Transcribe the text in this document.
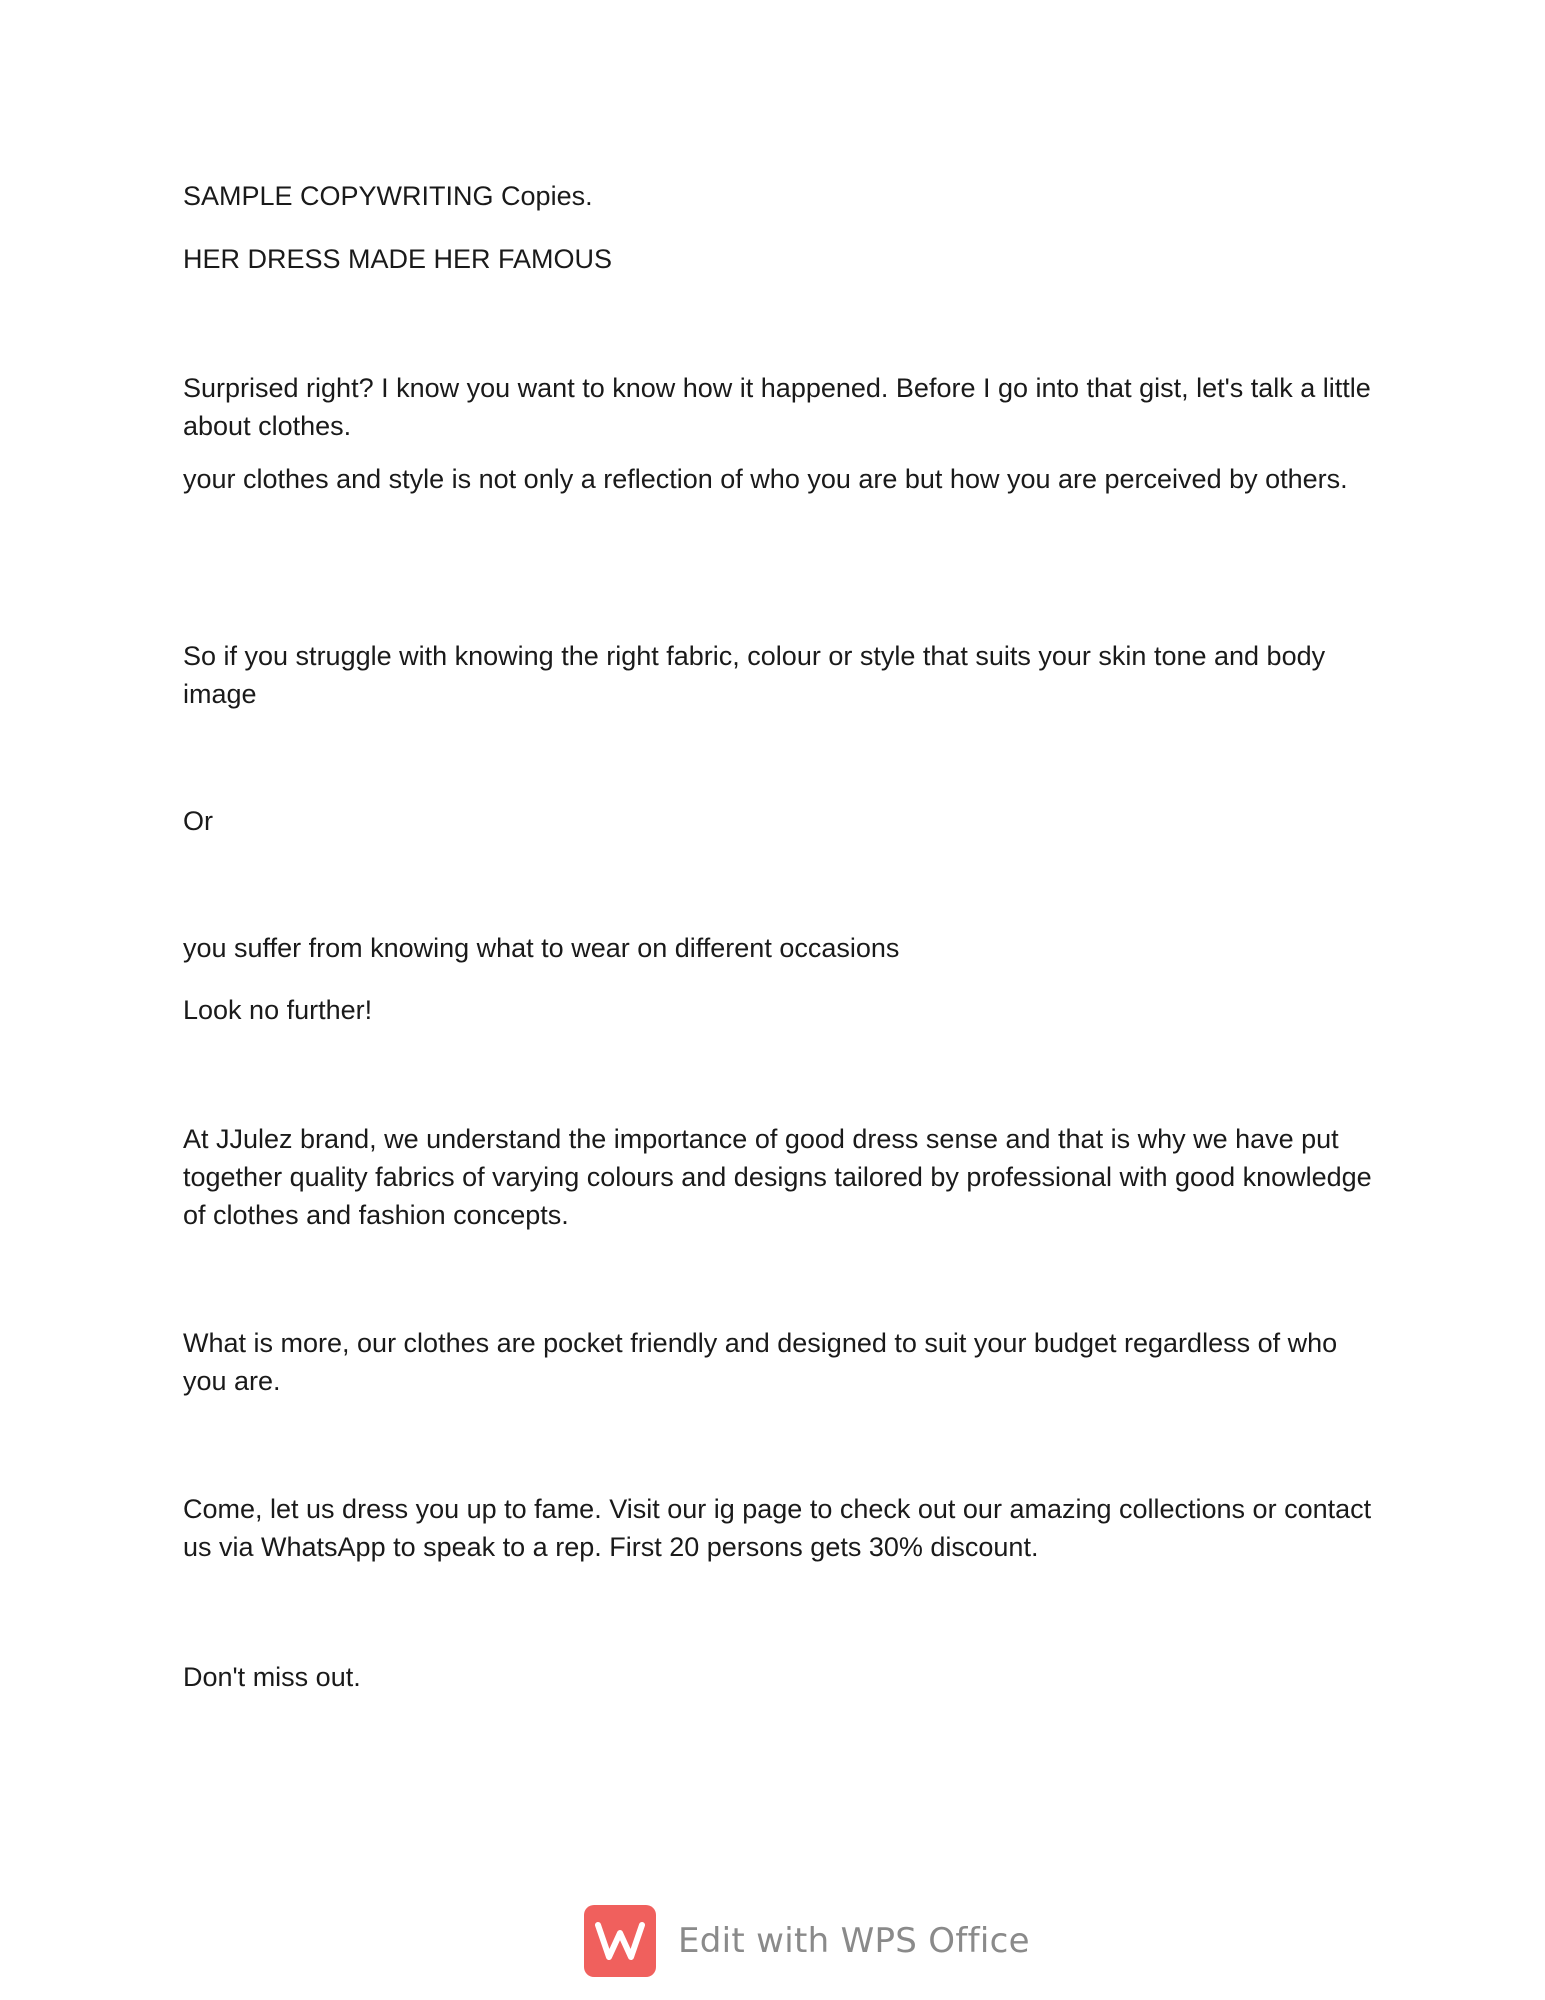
SAMPLE COPYWRITING Copies.

HER DRESS MADE HER FAMOUS

Surprised right? I know you want to know how it happened. Before I go into that gist, let's talk a little about clothes.

your clothes and style is not only a reflection of who you are but how you are perceived by others.

So if you struggle with knowing the right fabric, colour or style that suits your skin tone and body image

Or

you suffer from knowing what to wear on different occasions

Look no further!

At JJulez brand, we understand the importance of good dress sense and that is why we have put together quality fabrics of varying colours and designs tailored by professional with good knowledge of clothes and fashion concepts.

What is more, our clothes are pocket friendly and designed to suit your budget regardless of who you are.

Come, let us dress you up to fame. Visit our ig page to check out our amazing collections or contact us via WhatsApp to speak to a rep. First 20 persons gets 30% discount.

Don't miss out.

Edit with WPS Office
